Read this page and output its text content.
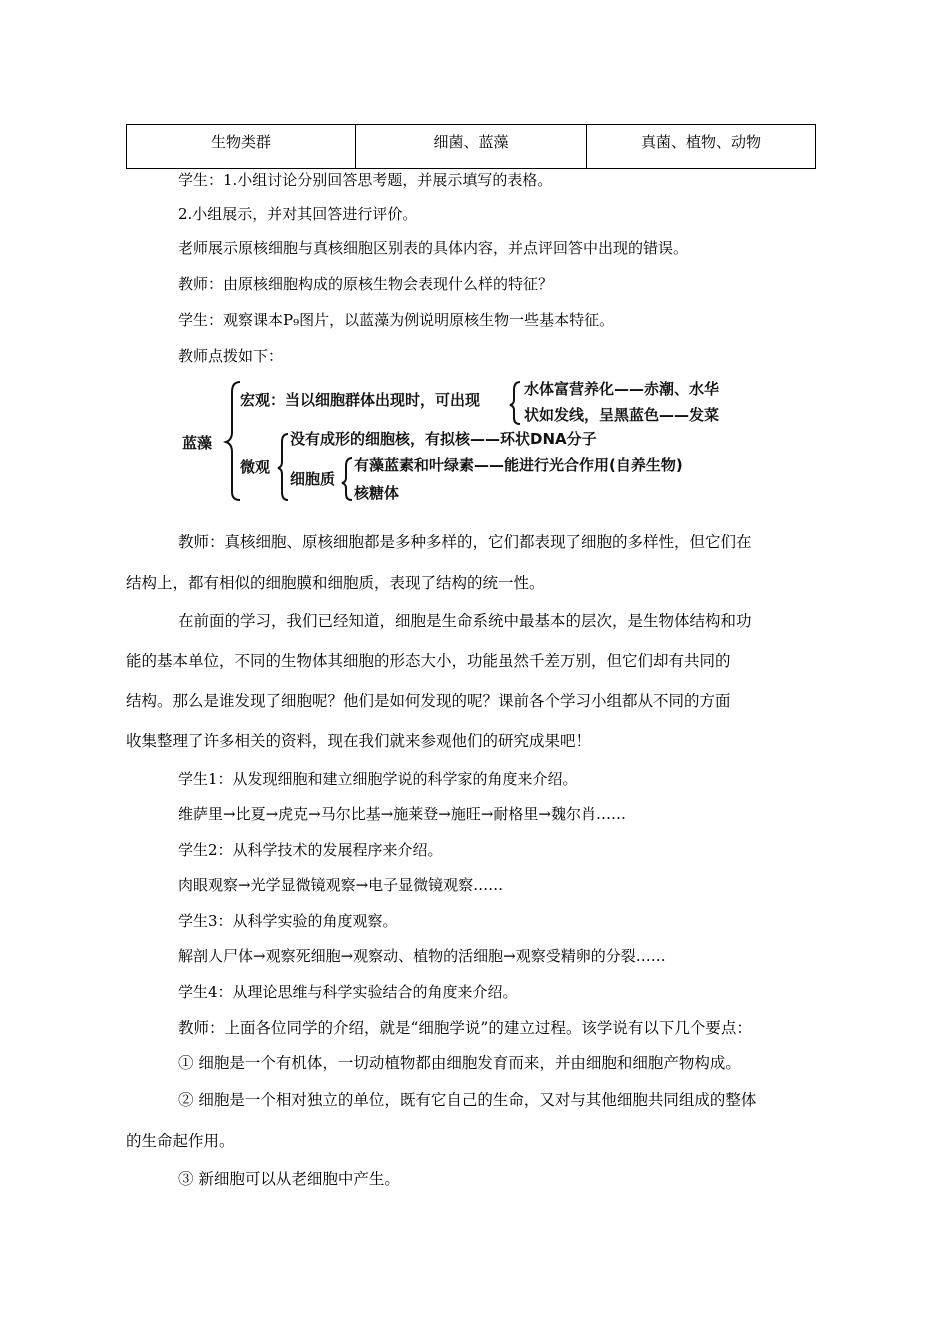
生物类群	细菌、蓝藻	真菌、植物、动物
学生：1.小组讨论分别回答思考题，并展示填写的表格。
2.小组展示，并对其回答进行评价。
老师展示原核细胞与真核细胞区别表的具体内容，并点评回答中出现的错误。
教师：由原核细胞构成的原核生物会表现什么样的特征？
学生：观察课本P₉图片，以蓝藻为例说明原核生物一些基本特征。
教师点拨如下：
蓝藻
宏观：当以细胞群体出现时，可出现
水体富营养化——赤潮、水华
状如发线，呈黑蓝色——发菜
微观
没有成形的细胞核，有拟核——环状DNA分子
细胞质
有藻蓝素和叶绿素——能进行光合作用(自养生物)
核糖体
教师：真核细胞、原核细胞都是多种多样的，它们都表现了细胞的多样性，但它们在
结构上，都有相似的细胞膜和细胞质，表现了结构的统一性。
在前面的学习，我们已经知道，细胞是生命系统中最基本的层次，是生物体结构和功
能的基本单位，不同的生物体其细胞的形态大小，功能虽然千差万别，但它们却有共同的
结构。那么是谁发现了细胞呢？他们是如何发现的呢？课前各个学习小组都从不同的方面
收集整理了许多相关的资料，现在我们就来参观他们的研究成果吧！
学生1：从发现细胞和建立细胞学说的科学家的角度来介绍。
维萨里→比夏→虎克→马尔比基→施莱登→施旺→耐格里→魏尔肖……
学生2：从科学技术的发展程序来介绍。
肉眼观察→光学显微镜观察→电子显微镜观察……
学生3：从科学实验的角度观察。
解剖人尸体→观察死细胞→观察动、植物的活细胞→观察受精卵的分裂……
学生4：从理论思维与科学实验结合的角度来介绍。
教师：上面各位同学的介绍，就是“细胞学说”的建立过程。该学说有以下几个要点：
① 细胞是一个有机体，一切动植物都由细胞发育而来，并由细胞和细胞产物构成。
② 细胞是一个相对独立的单位，既有它自己的生命，又对与其他细胞共同组成的整体
的生命起作用。
③ 新细胞可以从老细胞中产生。
